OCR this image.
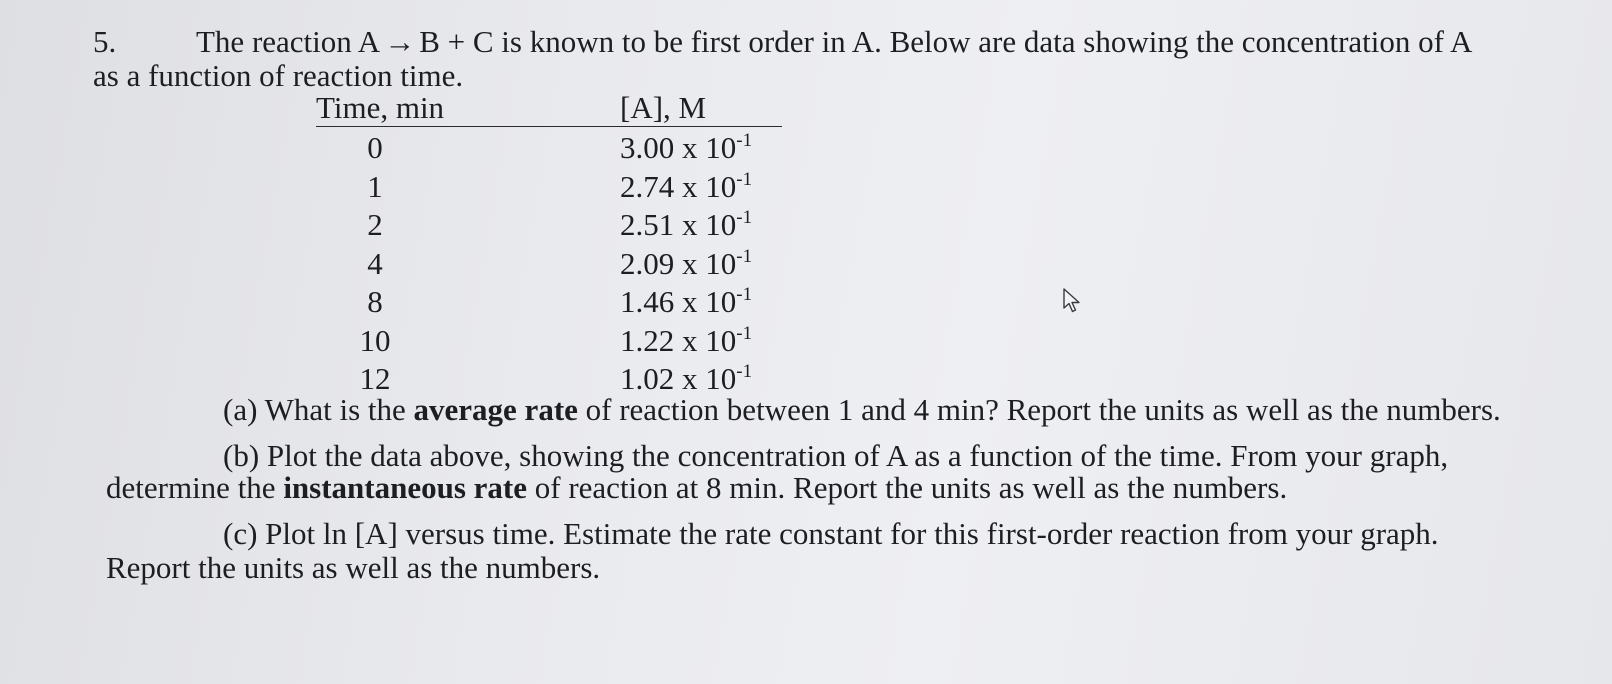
5.	The reaction A → B + C is known to be first order in A. Below are data showing the concentration of A
as a function of reaction time.
Time, min	[A], M
0	3.00 x $10^{-1}$
1	2.74 x $10^{-1}$
2	2.51 x $10^{-1}$
4	2.09 x $10^{-1}$
8	1.46 x $10^{-1}$
10	1.22 x $10^{-1}$
12	1.02 x $10^{-1}$
(a) What is the average rate of reaction between 1 and 4 min? Report the units as well as the numbers.
(b) Plot the data above, showing the concentration of A as a function of the time. From your graph,
determine the instantaneous rate of reaction at 8 min. Report the units as well as the numbers.
(c) Plot ln [A] versus time. Estimate the rate constant for this first-order reaction from your graph.
Report the units as well as the numbers.
